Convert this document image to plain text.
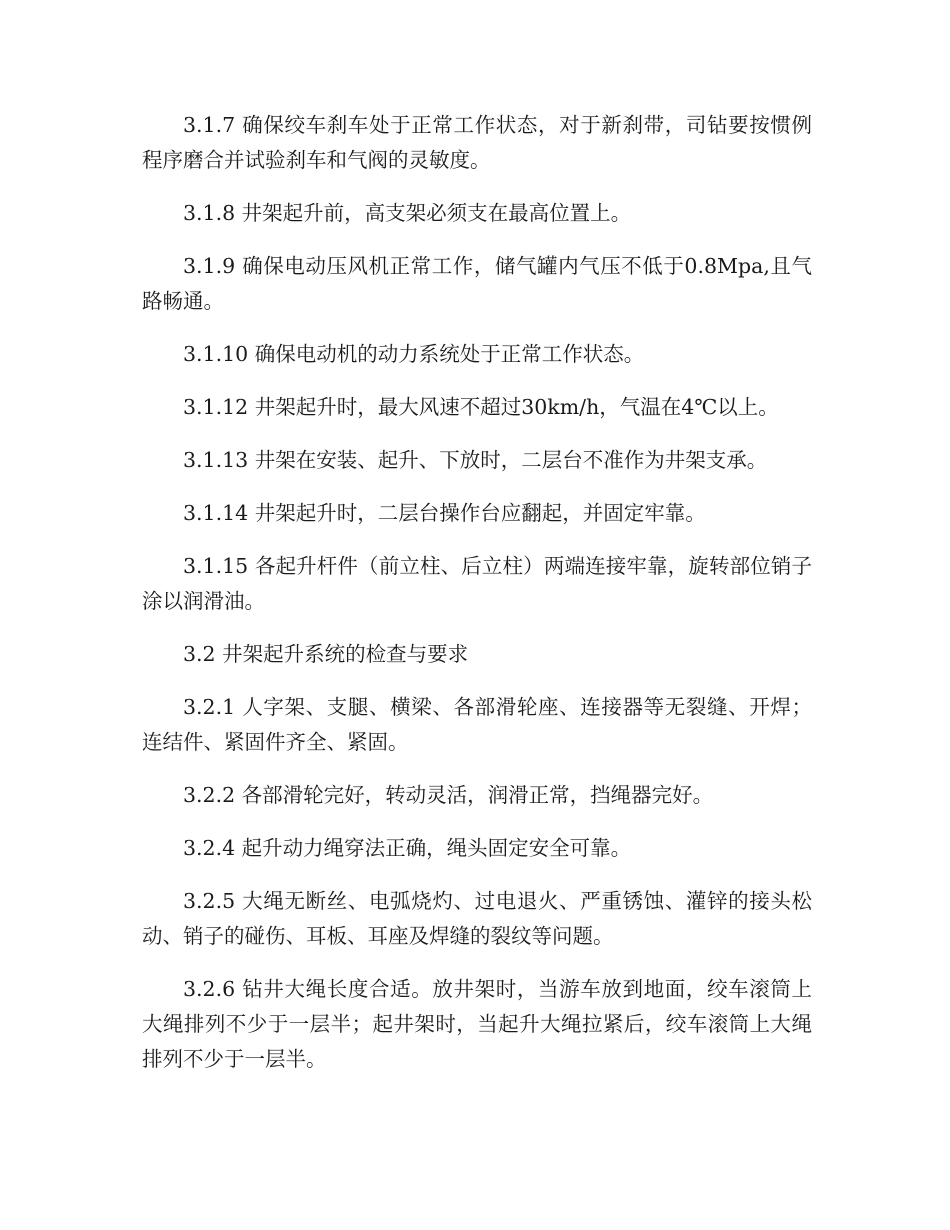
3.1.7 确保绞车刹车处于正常工作状态，对于新刹带，司钻要按惯例程序磨合并试验刹车和气阀的灵敏度。

3.1.8 井架起升前，高支架必须支在最高位置上。

3.1.9 确保电动压风机正常工作，储气罐内气压不低于0.8Mpa,且气路畅通。

3.1.10 确保电动机的动力系统处于正常工作状态。

3.1.12 井架起升时，最大风速不超过30km/h，气温在4℃以上。

3.1.13 井架在安装、起升、下放时，二层台不准作为井架支承。

3.1.14 井架起升时，二层台操作台应翻起，并固定牢靠。

3.1.15 各起升杆件（前立柱、后立柱）两端连接牢靠，旋转部位销子涂以润滑油。

3.2 井架起升系统的检查与要求

3.2.1 人字架、支腿、横梁、各部滑轮座、连接器等无裂缝、开焊；连结件、紧固件齐全、紧固。

3.2.2 各部滑轮完好，转动灵活，润滑正常，挡绳器完好。

3.2.4 起升动力绳穿法正确，绳头固定安全可靠。

3.2.5 大绳无断丝、电弧烧灼、过电退火、严重锈蚀、灌锌的接头松动、销子的碰伤、耳板、耳座及焊缝的裂纹等问题。

3.2.6 钻井大绳长度合适。放井架时，当游车放到地面，绞车滚筒上大绳排列不少于一层半；起井架时，当起升大绳拉紧后，绞车滚筒上大绳排列不少于一层半。
